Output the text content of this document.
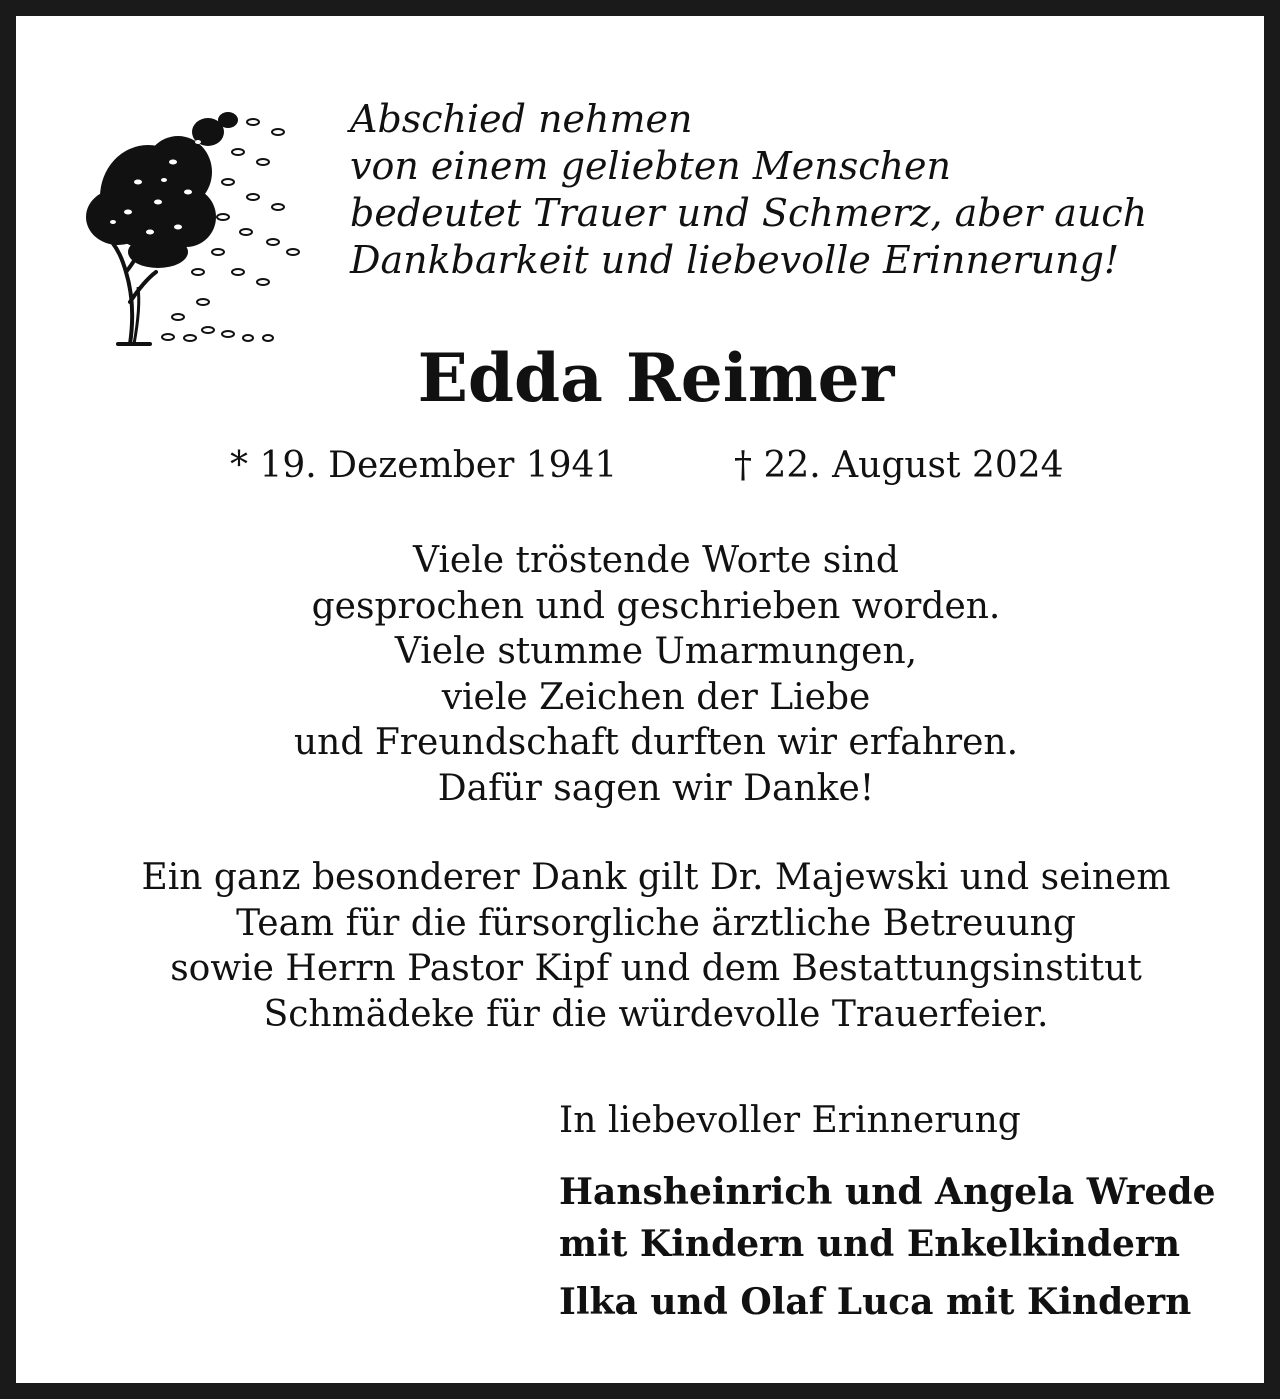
Abschied nehmen
von einem geliebten Menschen
bedeutet Trauer und Schmerz, aber auch
Dankbarkeit und liebevolle Erinnerung!
Edda Reimer
* 19. Dezember 1941	† 22. August 2024
Viele tröstende Worte sind
gesprochen und geschrieben worden.
Viele stumme Umarmungen,
viele Zeichen der Liebe
und Freundschaft durften wir erfahren.
Dafür sagen wir Danke!
Ein ganz besonderer Dank gilt Dr. Majewski und seinem
Team für die fürsorgliche ärztliche Betreuung
sowie Herrn Pastor Kipf und dem Bestattungsinstitut
Schmädeke für die würdevolle Trauerfeier.
In liebevoller Erinnerung
Hansheinrich und Angela Wrede
mit Kindern und Enkelkindern
Ilka und Olaf Luca mit Kindern
